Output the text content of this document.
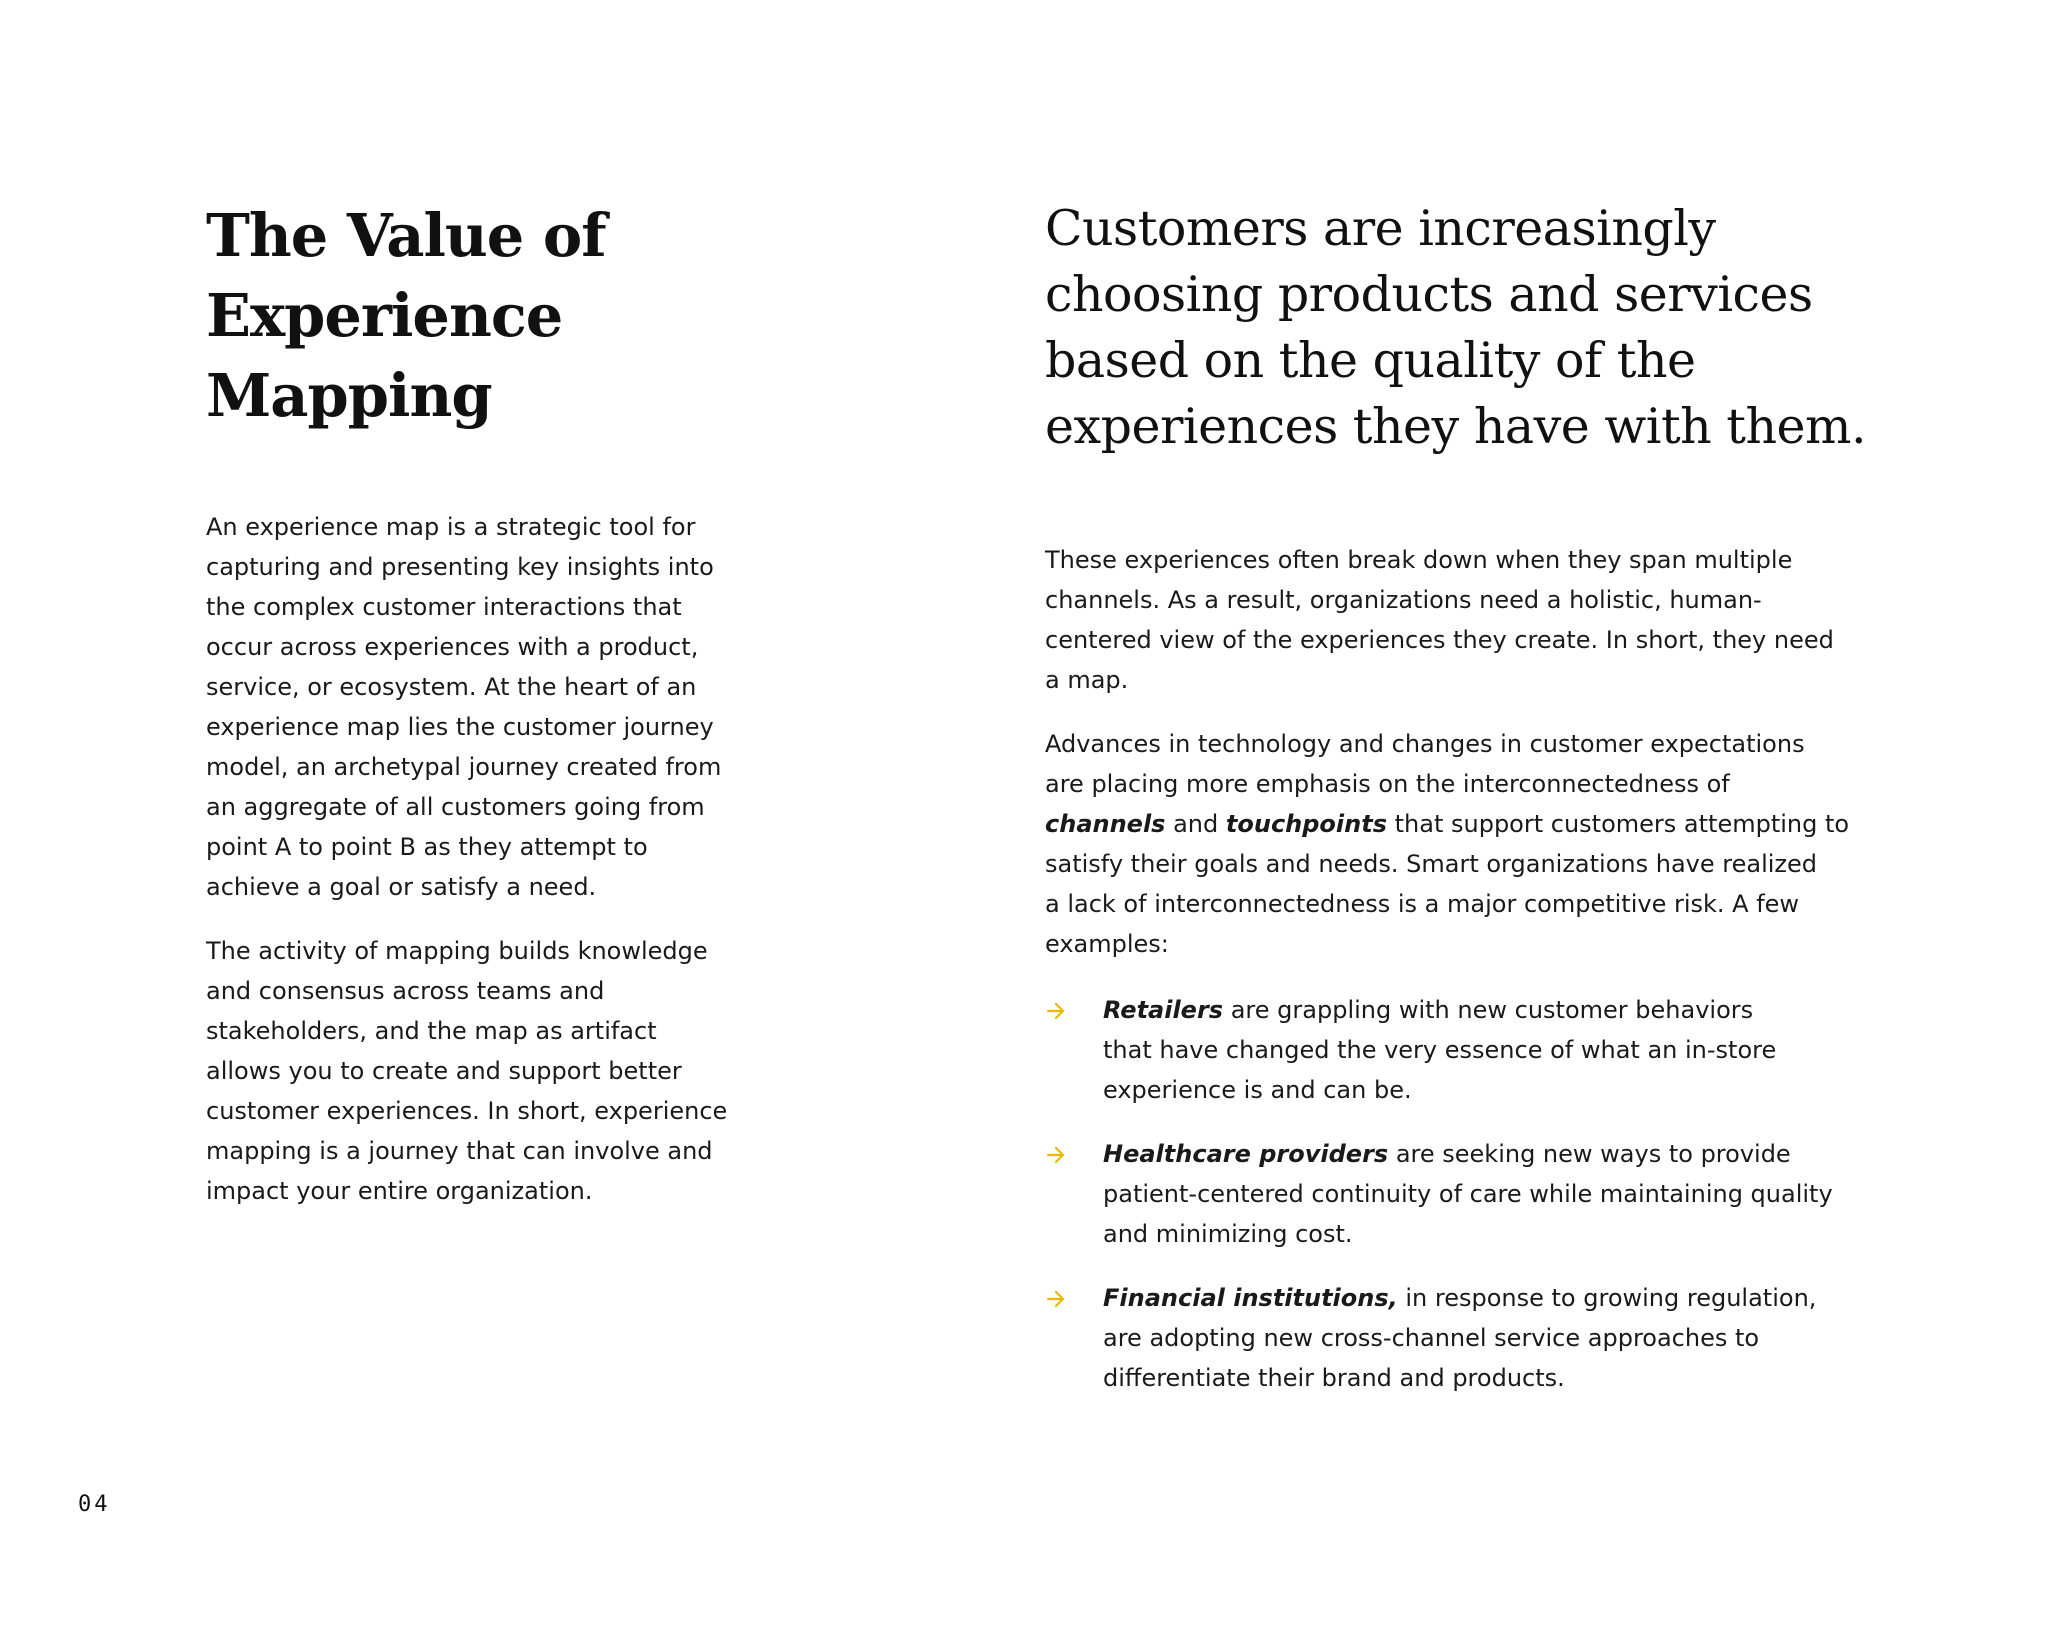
The Value of
Experience
Mapping

An experience map is a strategic tool for
capturing and presenting key insights into
the complex customer interactions that
occur across experiences with a product,
service, or ecosystem. At the heart of an
experience map lies the customer journey
model, an archetypal journey created from
an aggregate of all customers going from
point A to point B as they attempt to
achieve a goal or satisfy a need.

The activity of mapping builds knowledge
and consensus across teams and
stakeholders, and the map as artifact
allows you to create and support better
customer experiences. In short, experience
mapping is a journey that can involve and
impact your entire organization.

Customers are increasingly
choosing products and services
based on the quality of the
experiences they have with them.

These experiences often break down when they span multiple
channels. As a result, organizations need a holistic, human-
centered view of the experiences they create. In short, they need
a map.

Advances in technology and changes in customer expectations
are placing more emphasis on the interconnectedness of
channels and touchpoints that support customers attempting to
satisfy their goals and needs. Smart organizations have realized
a lack of interconnectedness is a major competitive risk. A few
examples:

Retailers are grappling with new customer behaviors
that have changed the very essence of what an in-store
experience is and can be.
Healthcare providers are seeking new ways to provide
patient-centered continuity of care while maintaining quality
and minimizing cost.
Financial institutions, in response to growing regulation,
are adopting new cross-channel service approaches to
differentiate their brand and products.
04
